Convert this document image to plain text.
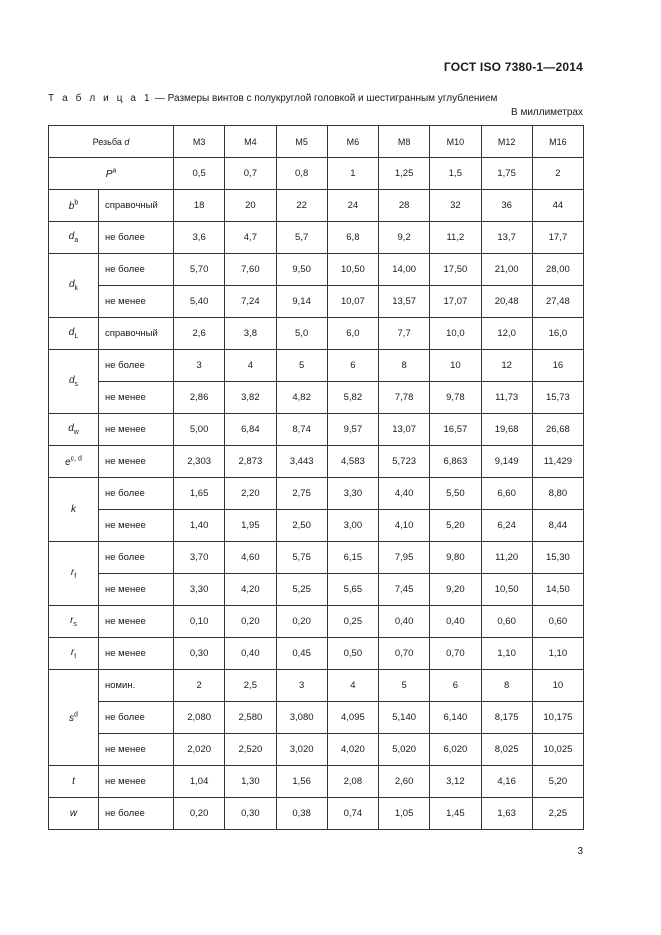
ГОСТ ISO 7380-1—2014
Т а б л и ц а 1 — Размеры винтов с полукруглой головкой и шестигранным углублением
В миллиметрах
Резьба d		M3	M4	M5	M6	M8	M10	M12	M16
$P^a$		0,5	0,7	0,8	1	1,25	1,5	1,75	2
$b^b$	справочный	18	20	22	24	28	32	36	44
$d_a$	не более	3,6	4,7	5,7	6,8	9,2	11,2	13,7	17,7
$d_k$	не более	5,70	7,60	9,50	10,50	14,00	17,50	21,00	28,00
	не менее	5,40	7,24	9,14	10,07	13,57	17,07	20,48	27,48
$d_L$	справочный	2,6	3,8	5,0	6,0	7,7	10,0	12,0	16,0
$d_s$	не более	3	4	5	6	8	10	12	16
	не менее	2,86	3,82	4,82	5,82	7,78	9,78	11,73	15,73
$d_w$	не менее	5,00	6,84	8,74	9,57	13,07	16,57	19,68	26,68
$e^{c, d}$	не менее	2,303	2,873	3,443	4,583	5,723	6,863	9,149	11,429
k	не более	1,65	2,20	2,75	3,30	4,40	5,50	6,60	8,80
	не менее	1,40	1,95	2,50	3,00	4,10	5,20	6,24	8,44
$r_f$	не более	3,70	4,60	5,75	6,15	7,95	9,80	11,20	15,30
	не менее	3,30	4,20	5,25	5,65	7,45	9,20	10,50	14,50
$r_s$	не менее	0,10	0,20	0,20	0,25	0,40	0,40	0,60	0,60
$r_t$	не менее	0,30	0,40	0,45	0,50	0,70	0,70	1,10	1,10
$s^d$	номин.	2	2,5	3	4	5	6	8	10
	не более	2,080	2,580	3,080	4,095	5,140	6,140	8,175	10,175
	не менее	2,020	2,520	3,020	4,020	5,020	6,020	8,025	10,025
t	не менее	1,04	1,30	1,56	2,08	2,60	3,12	4,16	5,20
w	не более	0,20	0,30	0,38	0,74	1,05	1,45	1,63	2,25
3
